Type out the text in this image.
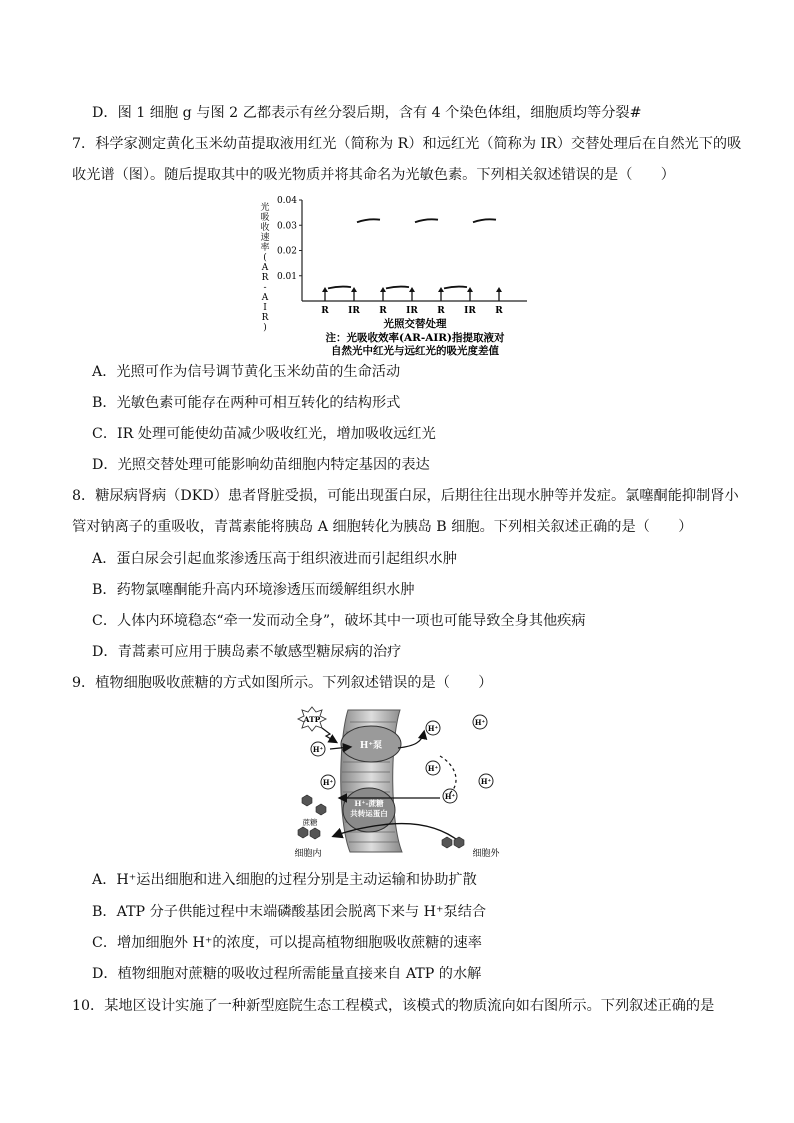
D．图 1 细胞 g 与图 2 乙都表示有丝分裂后期，含有 4 个染色体组，细胞质均等分裂#
7．科学家测定黄化玉米幼苗提取液用红光（简称为 R）和远红光（简称为 IR）交替处理后在自然光下的吸
收光谱（图）。随后提取其中的吸光物质并将其命名为光敏色素。下列相关叙述错误的是（　　）
光
吸
收
速
率
(
A
R
-
A
I
R
)
0.04
0.03
0.02
0.01
R IR R IR R IR R
光照交替处理
注：光吸收效率(AR-AIR)指提取液对
自然光中红光与远红光的吸光度差值
A．光照可作为信号调节黄化玉米幼苗的生命活动
B．光敏色素可能存在两种可相互转化的结构形式
C．IR 处理可能使幼苗减少吸收红光，增加吸收远红光
D．光照交替处理可能影响幼苗细胞内特定基因的表达
8．糖尿病肾病（DKD）患者肾脏受损，可能出现蛋白尿，后期往往出现水肿等并发症。氯噻酮能抑制肾小
管对钠离子的重吸收，青蒿素能将胰岛 A 细胞转化为胰岛 B 细胞。下列相关叙述正确的是（　　）
A．蛋白尿会引起血浆渗透压高于组织液进而引起组织水肿
B．药物氯噻酮能升高内环境渗透压而缓解组织水肿
C．人体内环境稳态“牵一发而动全身”，破坏其中一项也可能导致全身其他疾病
D．青蒿素可应用于胰岛素不敏感型糖尿病的治疗
9．植物细胞吸收蔗糖的方式如图所示。下列叙述错误的是（　　）
H⁺泵
H⁺-蔗糖
共转运蛋白
ATP
H⁺
H⁺
H⁺
H⁺
H⁺
H⁺
H⁺
蔗糖
细胞内	细胞外
A．H⁺运出细胞和进入细胞的过程分别是主动运输和协助扩散
B．ATP 分子供能过程中末端磷酸基团会脱离下来与 H⁺泵结合
C．增加细胞外 H⁺的浓度，可以提高植物细胞吸收蔗糖的速率
D．植物细胞对蔗糖的吸收过程所需能量直接来自 ATP 的水解
10．某地区设计实施了一种新型庭院生态工程模式，该模式的物质流向如右图所示。下列叙述正确的是
